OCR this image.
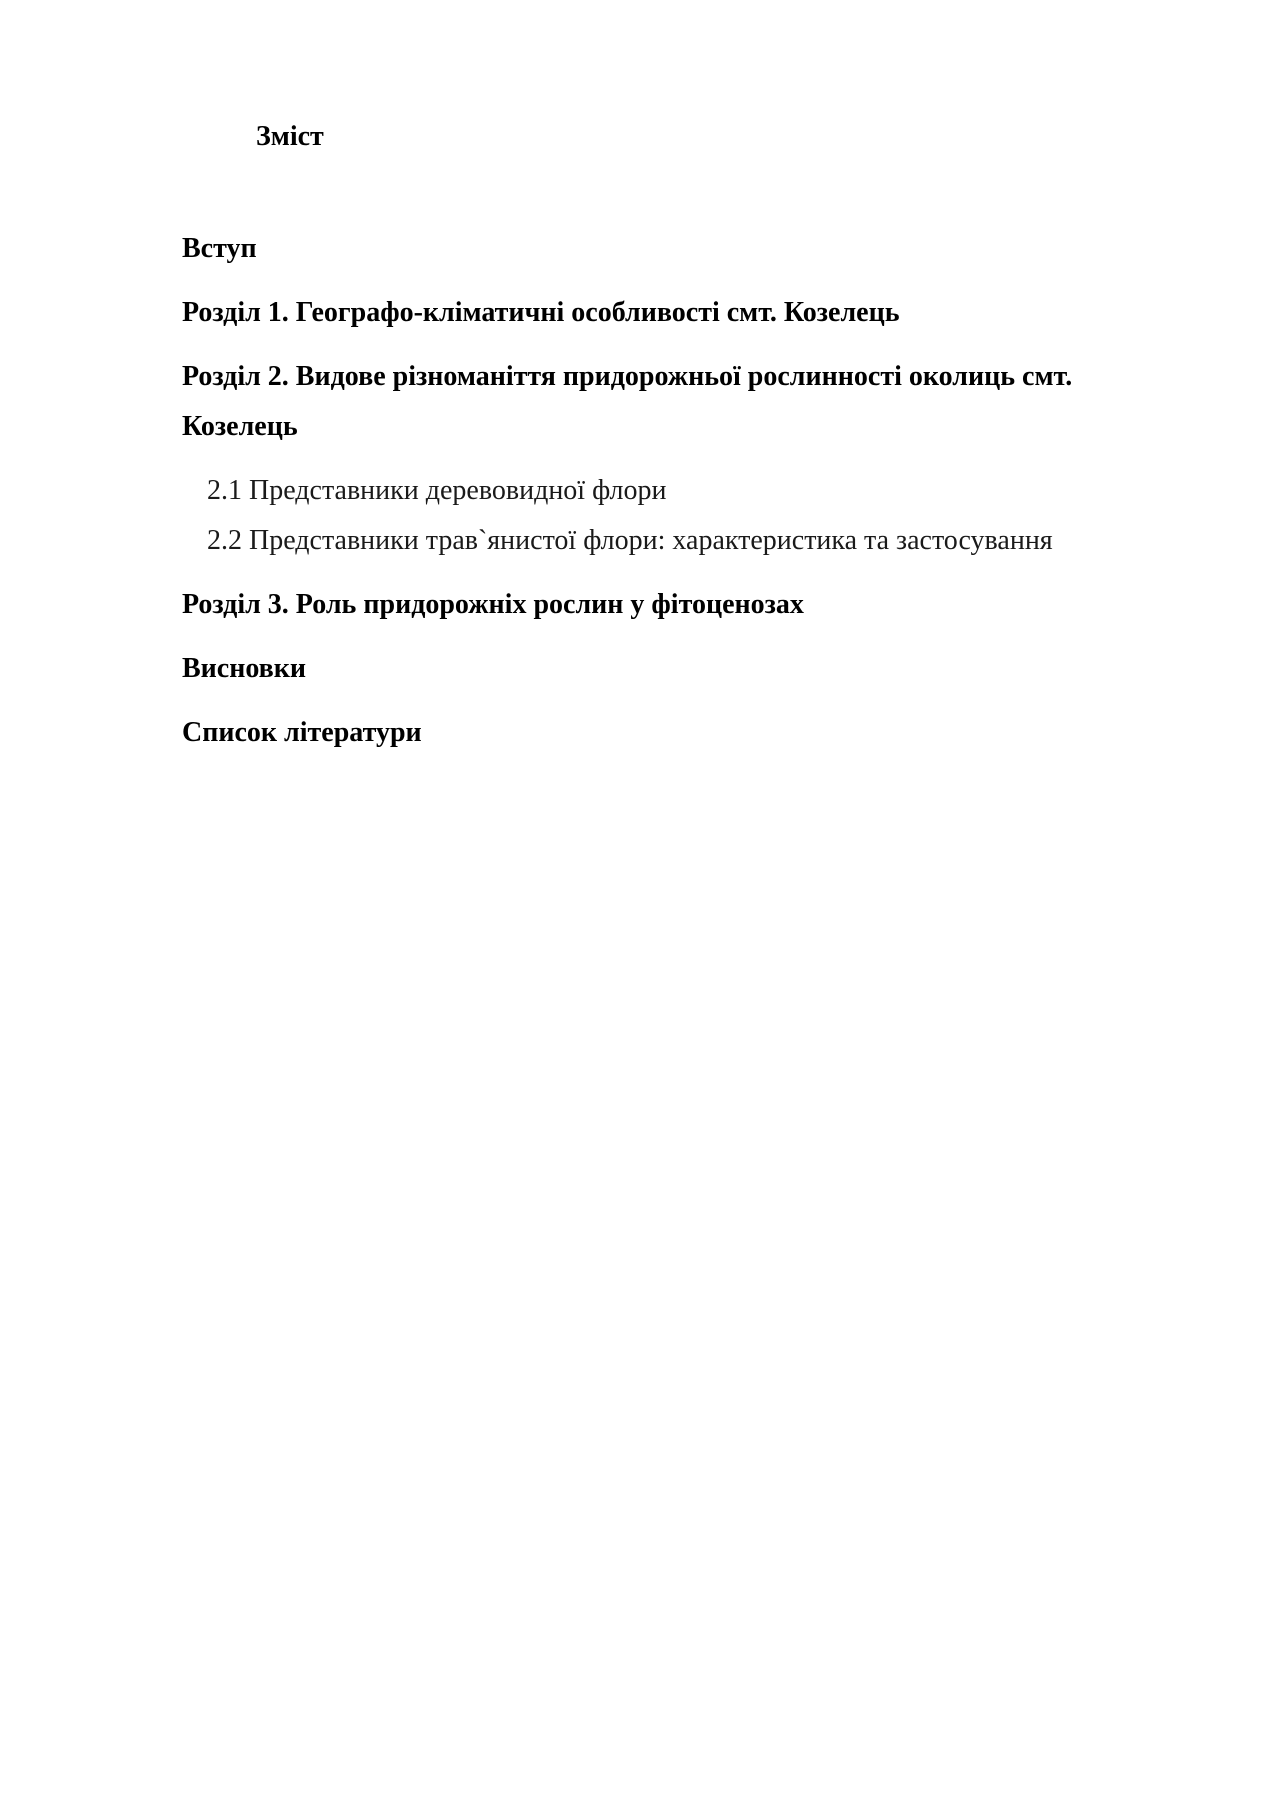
Зміст

Вступ

Розділ 1. Географо-кліматичні особливості смт. Козелець

Розділ 2. Видове різноманіття придорожньої рослинності околиць смт.

Козелець

2.1 Представники деревовидної флори

2.2 Представники трав`янистої флори: характеристика та застосування

Розділ 3. Роль придорожніх рослин у фітоценозах

Висновки

Список літератури
